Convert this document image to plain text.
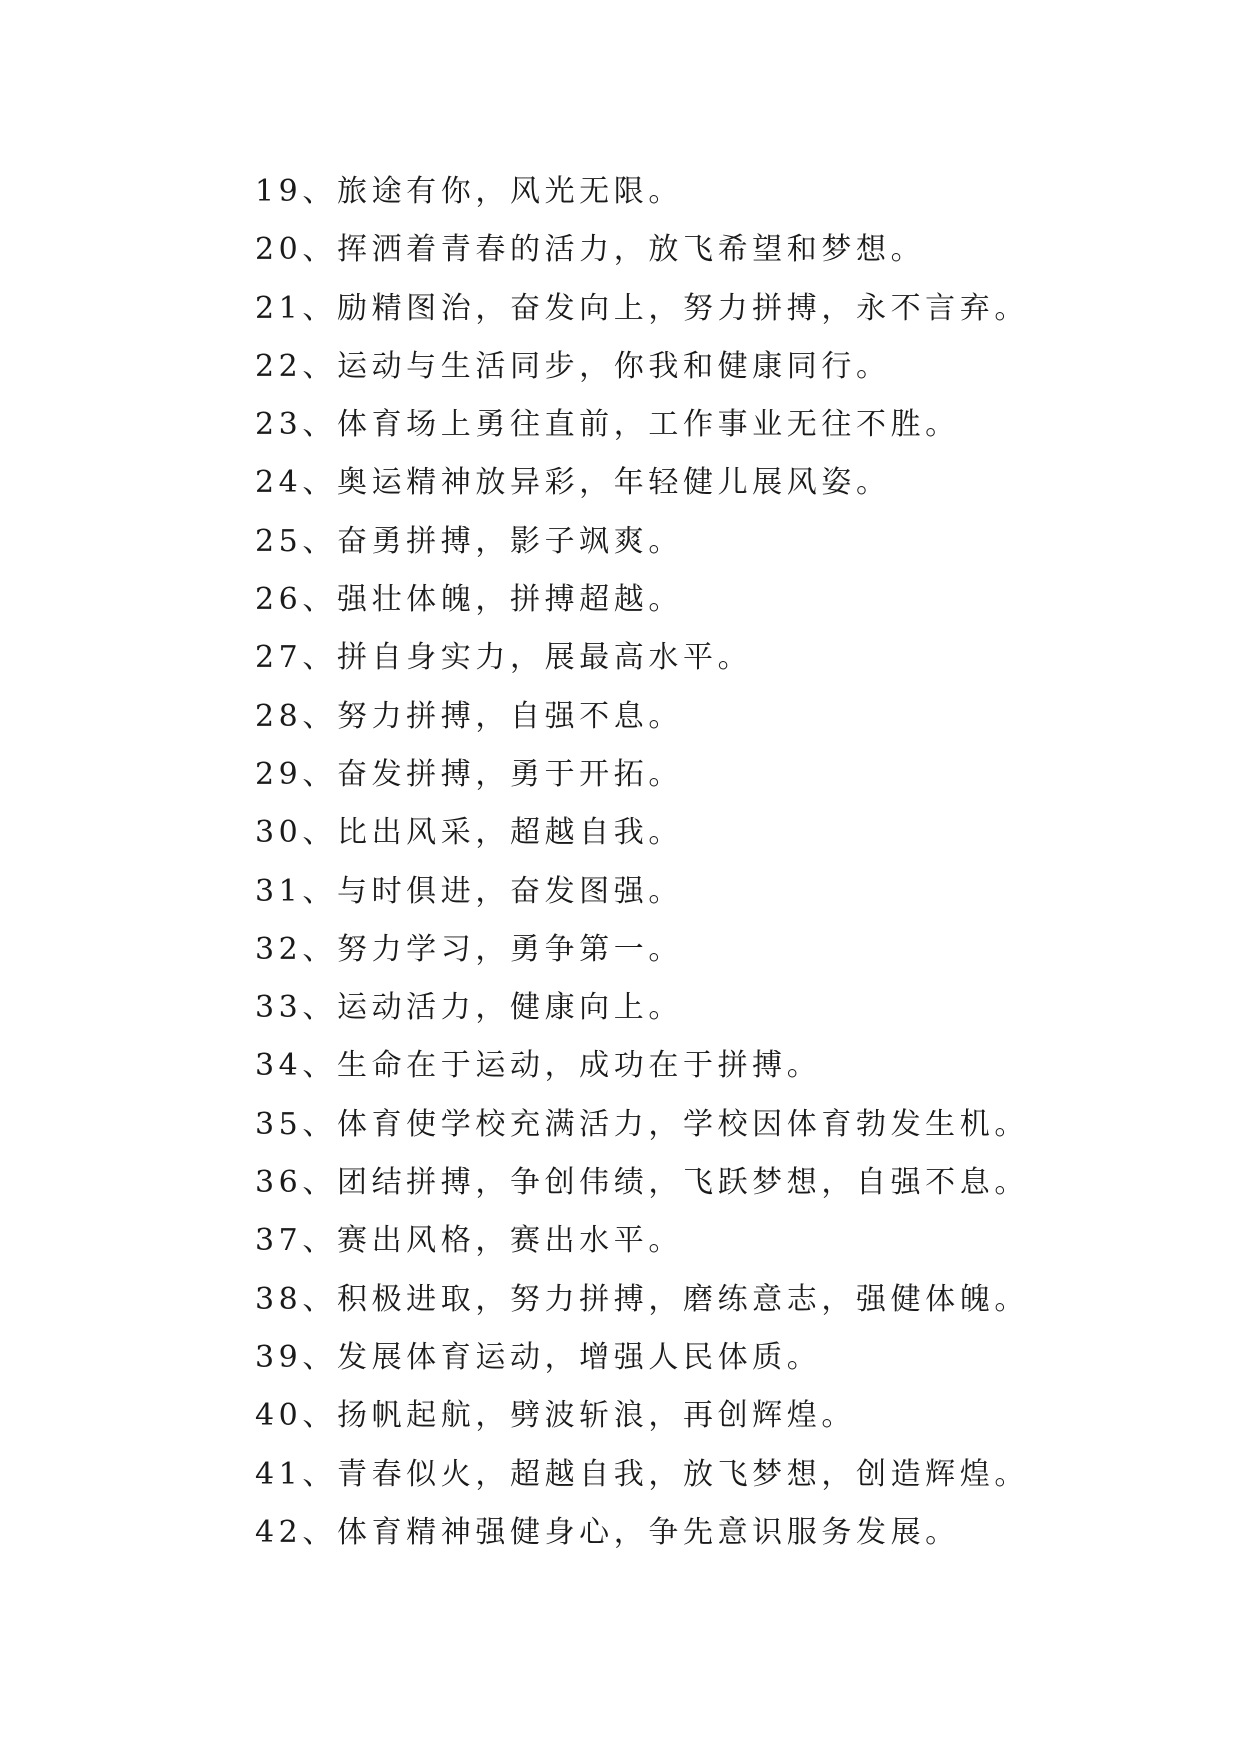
19、旅途有你，风光无限。
20、挥洒着青春的活力，放飞希望和梦想。
21、励精图治，奋发向上，努力拼搏，永不言弃。
22、运动与生活同步，你我和健康同行。
23、体育场上勇往直前，工作事业无往不胜。
24、奥运精神放异彩，年轻健儿展风姿。
25、奋勇拼搏，影子飒爽。
26、强壮体魄，拼搏超越。
27、拼自身实力，展最高水平。
28、努力拼搏，自强不息。
29、奋发拼搏，勇于开拓。
30、比出风采，超越自我。
31、与时俱进，奋发图强。
32、努力学习，勇争第一。
33、运动活力，健康向上。
34、生命在于运动，成功在于拼搏。
35、体育使学校充满活力，学校因体育勃发生机。
36、团结拼搏，争创伟绩，飞跃梦想，自强不息。
37、赛出风格，赛出水平。
38、积极进取，努力拼搏，磨练意志，强健体魄。
39、发展体育运动，增强人民体质。
40、扬帆起航，劈波斩浪，再创辉煌。
41、青春似火，超越自我，放飞梦想，创造辉煌。
42、体育精神强健身心，争先意识服务发展。
